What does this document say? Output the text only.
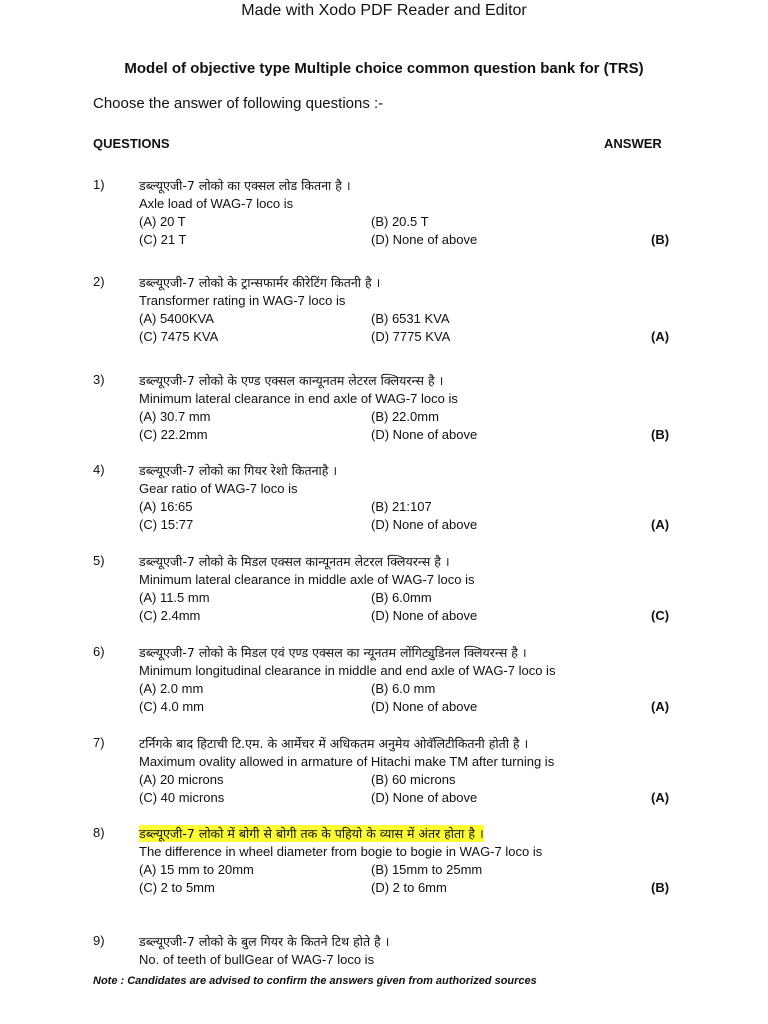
Made with Xodo PDF Reader and Editor
Model of objective type Multiple choice common question bank for (TRS)
Choose the answer of following questions :-
QUESTIONS	ANSWER
1)	डब्ल्यूएजी-7 लोको का एक्सल लोड कितना है ।
Axle load of WAG-7 loco is
(A) 20 T	(B) 20.5 T
(C) 21 T	(D) None of above	(B)
2)	डब्ल्यूएजी-7 लोको के ट्रान्सफार्मर कीरेटिंग कितनी है ।
Transformer rating in WAG-7 loco is
(A) 5400KVA	(B) 6531 KVA
(C) 7475 KVA	(D) 7775 KVA	(A)
3)	डब्ल्यूएजी-7 लोको के एण्ड एक्सल कान्यूनतम लेटरल क्लियरन्स है ।
Minimum lateral clearance in end axle of WAG-7 loco is
(A) 30.7 mm	(B) 22.0mm
(C) 22.2mm	(D) None of above	(B)
4)	डब्ल्यूएजी-7 लोको का गियर रेशो कितनाहै ।
Gear ratio of WAG-7 loco is
(A) 16:65	(B) 21:107
(C) 15:77	(D) None of above	(A)
5)	डब्ल्यूएजी-7 लोको के मिडल एक्सल कान्यूनतम लेटरल क्लियरन्स है ।
Minimum lateral clearance in middle axle of WAG-7 loco is
(A) 11.5 mm	(B) 6.0mm
(C) 2.4mm	(D) None of above	(C)
6)	डब्ल्यूएजी-7 लोको के मिडल एवं एण्ड एक्सल का न्यूनतम लोंगिट्युडिनल क्लियरन्स है ।
Minimum longitudinal clearance in middle and end axle of WAG-7 loco is
(A) 2.0 mm	(B) 6.0 mm
(C) 4.0 mm	(D) None of above	(A)
7)	टर्निगके बाद हिटाची टि.एम. के आर्मेचर में अधिकतम अनुमेय ओवॅलिटीकितनी होती है ।
Maximum ovality allowed in armature of Hitachi make TM after turning is
(A) 20 microns	(B) 60 microns
(C) 40 microns	(D) None of above	(A)
8)	डब्ल्यूएजी-7 लोको में बोगी से बोगी तक के पहियो के व्यास में अंतर होता है ।
The difference in wheel diameter from bogie to bogie in WAG-7 loco is
(A) 15 mm to 20mm	(B) 15mm to 25mm
(C) 2 to 5mm	(D) 2 to 6mm	(B)
9)	डब्ल्यूएजी-7 लोको के बुल गियर के कितने टिथ होते है ।
No. of teeth of bullGear of WAG-7 loco is
Note : Candidates are advised to confirm the answers given from authorized sources
